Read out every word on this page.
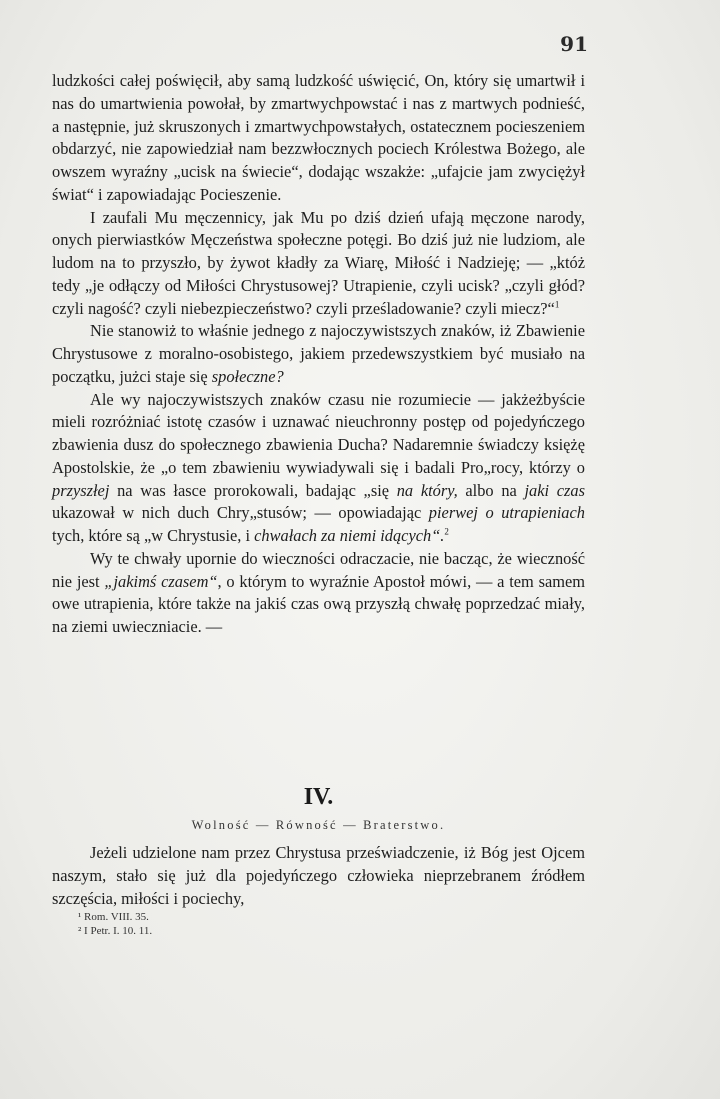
91

ludzkości całej poświęcił, aby samą ludzkość uświęcić, On, który się umartwił i nas do umartwienia powołał, by zmartwychpowstać i nas z martwych podnieść, a następnie, już skruszonych i zmartwychpowstałych, ostatecznem pocieszeniem obdarzyć, nie zapowiedział nam bezzwłocznych pociech Królestwa Bożego, ale owszem wyraźny „ucisk na świecie“, dodając wszakże: „ufajcie jam zwyciężył świat“ i zapowiadając Pocieszenie.

I zaufali Mu męczennicy, jak Mu po dziś dzień ufają męczone narody, onych pierwiastków Męczeństwa społeczne potęgi. Bo dziś już nie ludziom, ale ludom na to przyszło, by żywot kładły za Wiarę, Miłość i Nadzieję; — „któż tedy „je odłączy od Miłości Chrystusowej? Utrapienie, czyli ucisk? „czyli głód? czyli nagość? czyli niebezpieczeństwo? czyli prześladowanie? czyli miecz?“$^1$

Nie stanowiż to właśnie jednego z najoczywistszych znaków, iż Zbawienie Chrystusowe z moralno-osobistego, jakiem przedewszystkiem być musiało na początku, jużci staje się społeczne?

Ale wy najoczywistszych znaków czasu nie rozumiecie — jakżeżbyście mieli rozróżniać istotę czasów i uznawać nieuchronny postęp od pojedyńczego zbawienia dusz do społecznego zbawienia Ducha? Nadaremnie świadczy księżę Apostolskie, że „o tem zbawieniu wywiadywali się i badali Pro„rocy, którzy o przyszłej na was łasce prorokowali, badając „się na który, albo na jaki czas ukazował w nich duch Chry„stusów; — opowiadając pierwej o utrapieniach tych, które są „w Chrystusie, i chwałach za niemi idących“.$^2$

Wy te chwały upornie do wieczności odraczacie, nie bacząc, że wieczność nie jest „jakimś czasem“, o którym to wyraźnie Apostoł mówi, — a tem samem owe utrapienia, które także na jakiś czas ową przyszłą chwałę poprzedzać miały, na ziemi uwieczniacie. —

IV.
Wolność — Równość — Braterstwo.

Jeżeli udzielone nam przez Chrystusa przeświadczenie, iż Bóg jest Ojcem naszym, stało się już dla pojedyńczego człowieka nieprzebranem źródłem szczęścia, miłości i pociechy,

¹ Rom. VIII. 35.
² I Petr. I. 10. 11.
